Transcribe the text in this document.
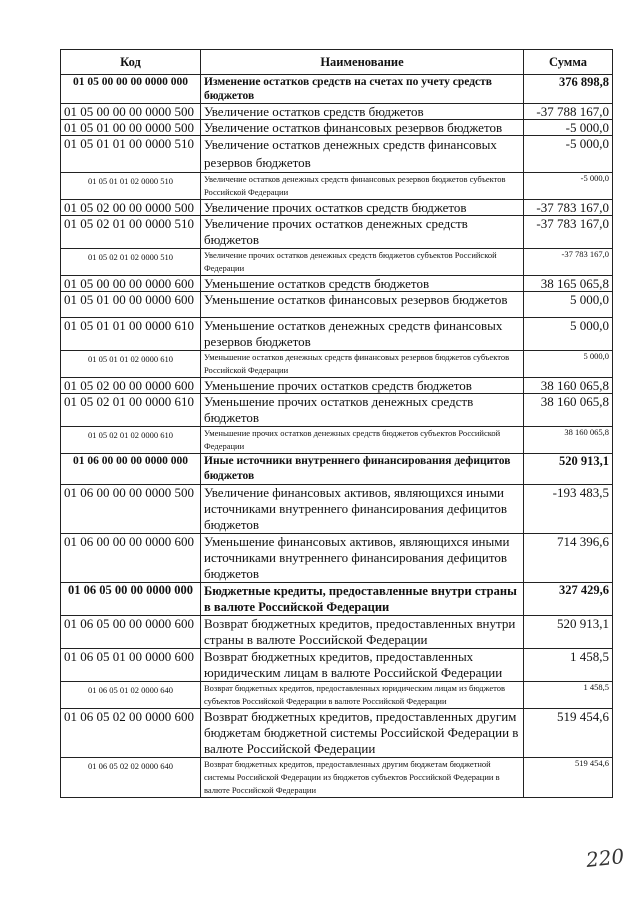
Код	Наименование	Сумма
01 05 00 00 00 0000 000	Изменение остатков средств на счетах по учету средств бюджетов	376 898,8
01 05 00 00 00 0000 500	Увеличение остатков средств бюджетов	-37 788 167,0
01 05 01 00 00 0000 500	Увеличение остатков финансовых резервов бюджетов	-5 000,0
01 05 01 01 00 0000 510	Увеличение остатков денежных средств финансовых резервов бюджетов	-5 000,0
01 05 01 01 02 0000 510	Увеличение остатков денежных средств финансовых резервов бюджетов субъектов Российской Федерации	-5 000,0
01 05 02 00 00 0000 500	Увеличение прочих остатков средств бюджетов	-37 783 167,0
01 05 02 01 00 0000 510	Увеличение прочих остатков денежных средств бюджетов	-37 783 167,0
01 05 02 01 02 0000 510	Увеличение прочих остатков денежных средств бюджетов субъектов Российской Федерации	-37 783 167,0
01 05 00 00 00 0000 600	Уменьшение остатков средств бюджетов	38 165 065,8
01 05 01 00 00 0000 600	Уменьшение остатков финансовых резервов бюджетов	5 000,0
01 05 01 01 00 0000 610	Уменьшение остатков денежных средств финансовых резервов бюджетов	5 000,0
01 05 01 01 02 0000 610	Уменьшение остатков денежных средств финансовых резервов бюджетов субъектов Российской Федерации	5 000,0
01 05 02 00 00 0000 600	Уменьшение прочих остатков средств бюджетов	38 160 065,8
01 05 02 01 00 0000 610	Уменьшение прочих остатков денежных средств бюджетов	38 160 065,8
01 05 02 01 02 0000 610	Уменьшение прочих остатков денежных средств бюджетов субъектов Российской Федерации	38 160 065,8
01 06 00 00 00 0000 000	Иные источники внутреннего финансирования дефицитов бюджетов	520 913,1
01 06 00 00 00 0000 500	Увеличение финансовых активов, являющихся иными источниками внутреннего финансирования дефицитов бюджетов	-193 483,5
01 06 00 00 00 0000 600	Уменьшение финансовых активов, являющихся иными источниками внутреннего финансирования дефицитов бюджетов	714 396,6
01 06 05 00 00 0000 000	Бюджетные кредиты, предоставленные внутри страны в валюте Российской Федерации	327 429,6
01 06 05 00 00 0000 600	Возврат бюджетных кредитов, предоставленных внутри страны в валюте Российской Федерации	520 913,1
01 06 05 01 00 0000 600	Возврат бюджетных кредитов, предоставленных юридическим лицам в валюте Российской Федерации	1 458,5
01 06 05 01 02 0000 640	Возврат бюджетных кредитов, предоставленных юридическим лицам из бюджетов субъектов Российской Федерации в валюте Российской Федерации	1 458,5
01 06 05 02 00 0000 600	Возврат бюджетных кредитов, предоставленных другим бюджетам бюджетной системы Российской Федерации в валюте Российской Федерации	519 454,6
01 06 05 02 02 0000 640	Возврат бюджетных кредитов, предоставленных другим бюджетам бюджетной системы Российской Федерации из бюджетов субъектов Российской Федерации в валюте Российской Федерации	519 454,6
220
